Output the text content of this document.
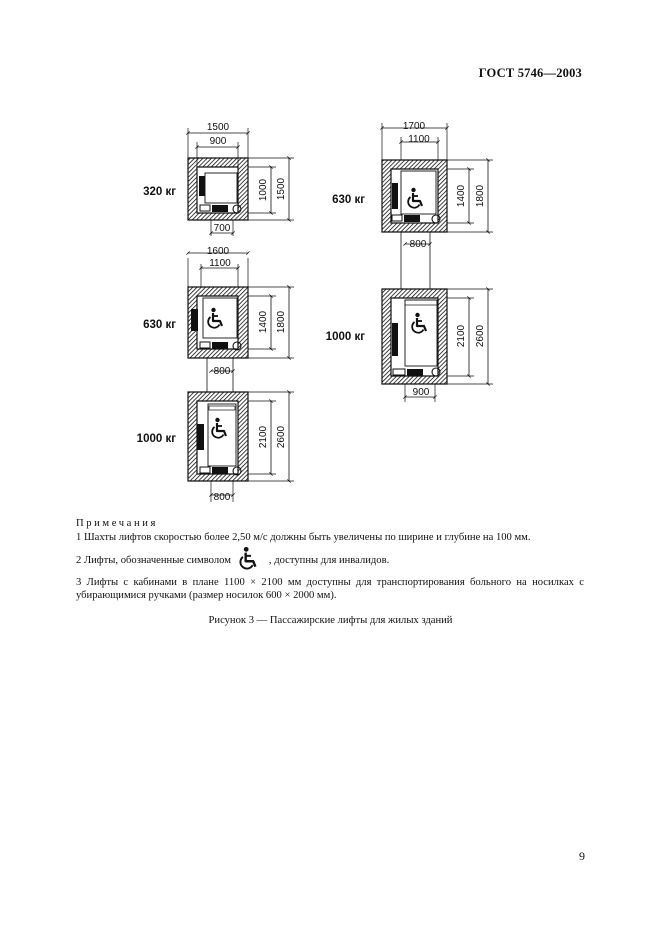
ГОСТ 5746—2003
1500
900
700
1000 1500
320 кг
1600
1100
1400 1800
630 кг
800
800
2100 2600
1000 кг
1700
1100
1400 1800
630 кг
800
900
2100 2600
1000 кг
Примечания

1 Шахты лифтов скоростью более 2,50 м/с должны быть увеличены по ширине и глубине на 100 мм.

2 Лифты, обозначенные символом	, доступны для инвалидов.

3 Лифты с кабинами в плане 1100 × 2100 мм доступны для транспортирования больного на носилках с убирающимися ручками (размер носилок 600 × 2000 мм).

Рисунок 3 — Пассажирские лифты для жилых зданий
9
